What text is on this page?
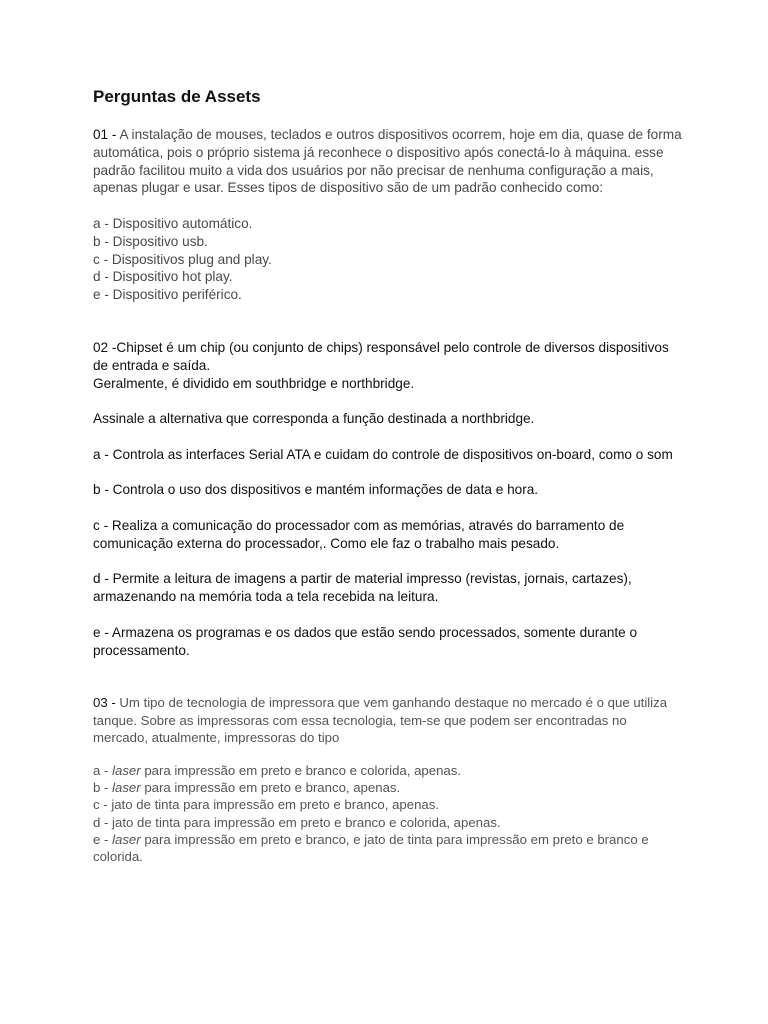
Perguntas de Assets
01 - A instalação de mouses, teclados e outros dispositivos ocorrem, hoje em dia, quase de forma automática, pois o próprio sistema já reconhece o dispositivo após conectá-lo à máquina. esse padrão facilitou muito a vida dos usuários por não precisar de nenhuma configuração a mais, apenas plugar e usar. Esses tipos de dispositivo são de um padrão conhecido como:
a - Dispositivo automático.
b - Dispositivo usb.
c - Dispositivos plug and play.
d - Dispositivo hot play.
e - Dispositivo periférico.
02 -Chipset é um chip (ou conjunto de chips) responsável pelo controle de diversos dispositivos de entrada e saída.
Geralmente, é dividido em southbridge e northbridge.
Assinale a alternativa que corresponda a função destinada a northbridge.
a - Controla as interfaces Serial ATA e cuidam do controle de dispositivos on-board, como o som
b - Controla o uso dos dispositivos e mantém informações de data e hora.
c - Realiza a comunicação do processador com as memórias, através do barramento de comunicação externa do processador,. Como ele faz o trabalho mais pesado.
d - Permite a leitura de imagens a partir de material impresso (revistas, jornais, cartazes), armazenando na memória toda a tela recebida na leitura.
e - Armazena os programas e os dados que estão sendo processados, somente durante o processamento.
03 - Um tipo de tecnologia de impressora que vem ganhando destaque no mercado é o que utiliza tanque. Sobre as impressoras com essa tecnologia, tem-se que podem ser encontradas no mercado, atualmente, impressoras do tipo
a - laser para impressão em preto e branco e colorida, apenas.
b - laser para impressão em preto e branco, apenas.
c - jato de tinta para impressão em preto e branco, apenas.
d - jato de tinta para impressão em preto e branco e colorida, apenas.
e - laser para impressão em preto e branco, e jato de tinta para impressão em preto e branco e colorida.
